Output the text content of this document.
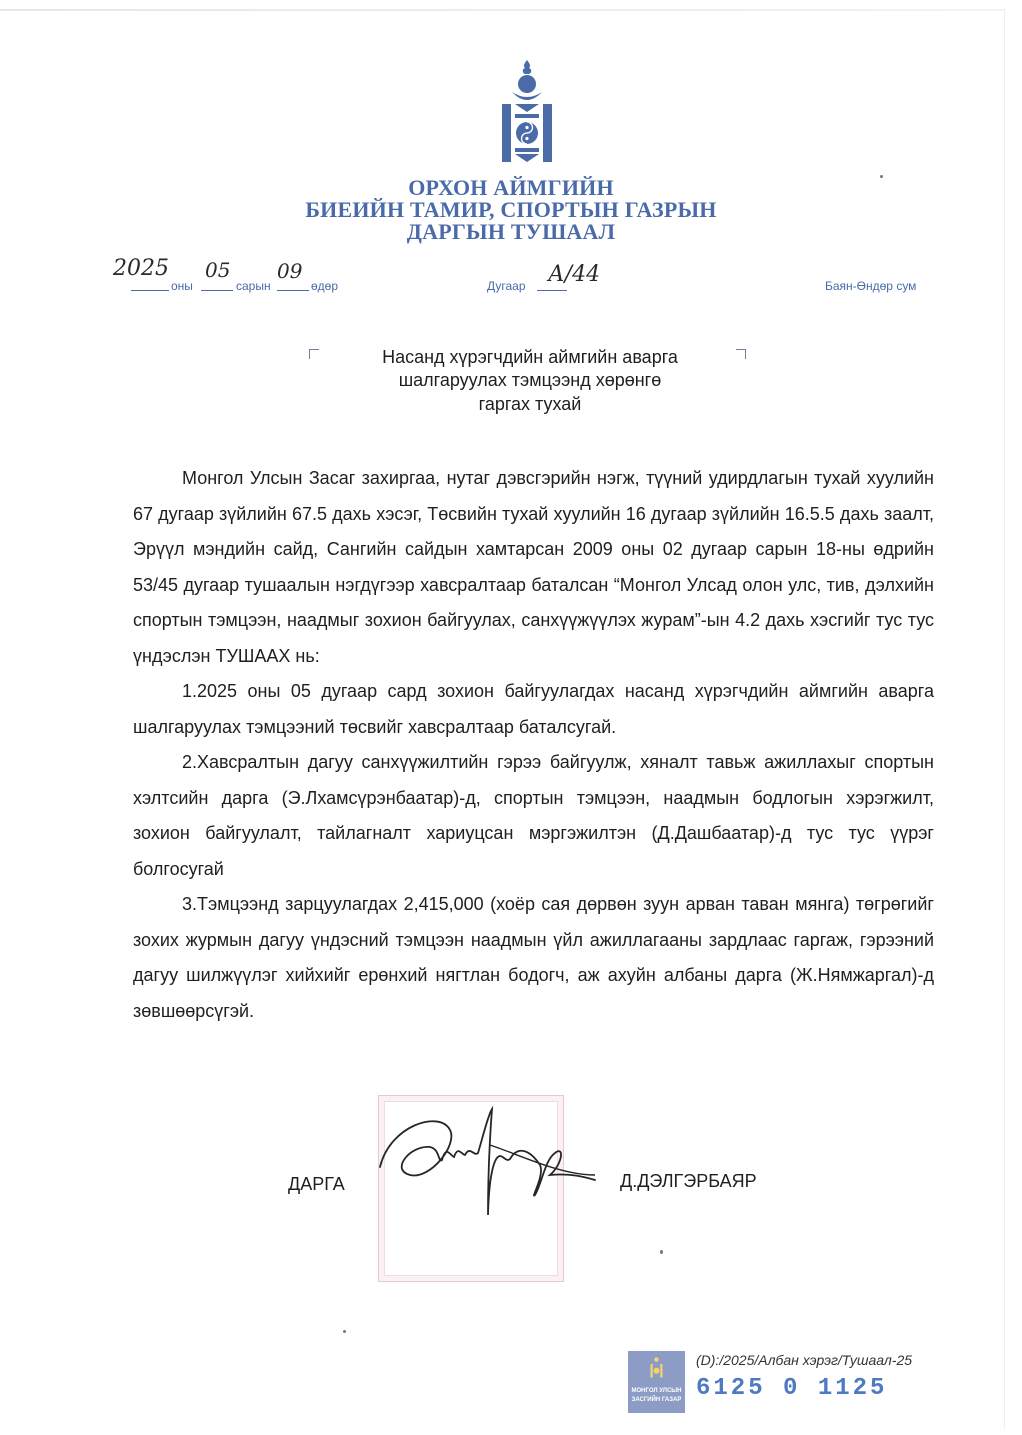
ОРХОН АЙМГИЙН
БИЕИЙН ТАМИР, СПОРТЫН ГАЗРЫН
ДАРГЫН ТУШААЛ
2025
оны
05
сарын
09
өдөр	Дугаар А/44	Баян-Өндөр сум
Насанд хүрэгчдийн аймгийн аварга
шалгаруулах тэмцээнд хөрөнгө
гаргах тухай

Монгол Улсын Засаг захиргаа, нутаг дэвсгэрийн нэгж, түүний удирдлагын тухай хуулийн 67 дугаар зүйлийн 67.5 дахь хэсэг, Төсвийн тухай хуулийн 16 дугаар зүйлийн 16.5.5 дахь заалт, Эрүүл мэндийн сайд, Сангийн сайдын хамтарсан 2009 оны 02 дугаар сарын 18-ны өдрийн 53/45 дугаар тушаалын нэгдүгээр хавсралтаар баталсан “Монгол Улсад олон улс, тив, дэлхийн спортын тэмцээн, наадмыг зохион байгуулах, санхүүжүүлэх журам”-ын 4.2 дахь хэсгийг тус тус үндэслэн ТУШААХ нь:

1.2025 оны 05 дугаар сард зохион байгуулагдах насанд хүрэгчдийн аймгийн аварга шалгаруулах тэмцээний төсвийг хавсралтаар баталсугай.

2.Хавсралтын дагуу санхүүжилтийн гэрээ байгуулж, хяналт тавьж ажиллахыг спортын хэлтсийн дарга (Э.Лхамсүрэнбаатар)-д, спортын тэмцээн, наадмын бодлогын хэрэгжилт, зохион байгуулалт, тайлагналт хариуцсан мэргэжилтэн (Д.Дашбаатар)-д тус тус үүрэг болгосугай

3.Тэмцээнд зарцуулагдах 2,415,000 (хоёр сая дөрвөн зуун арван таван мянга) төгрөгийг зохих журмын дагуу үндэсний тэмцээн наадмын үйл ажиллагааны зардлаас гаргаж, гэрээний дагуу шилжүүлэг хийхийг ерөнхий нягтлан бодогч, аж ахуйн албаны дарга (Ж.Нямжаргал)-д зөвшөөрсүгэй.

ДАРГА	Д.ДЭЛГЭРБАЯР
МОНГОЛ УЛСЫН
ЗАСГИЙН ГАЗАР
(D):/2025/Албан хэрэг/Тушаал-25
6125 0 1125
